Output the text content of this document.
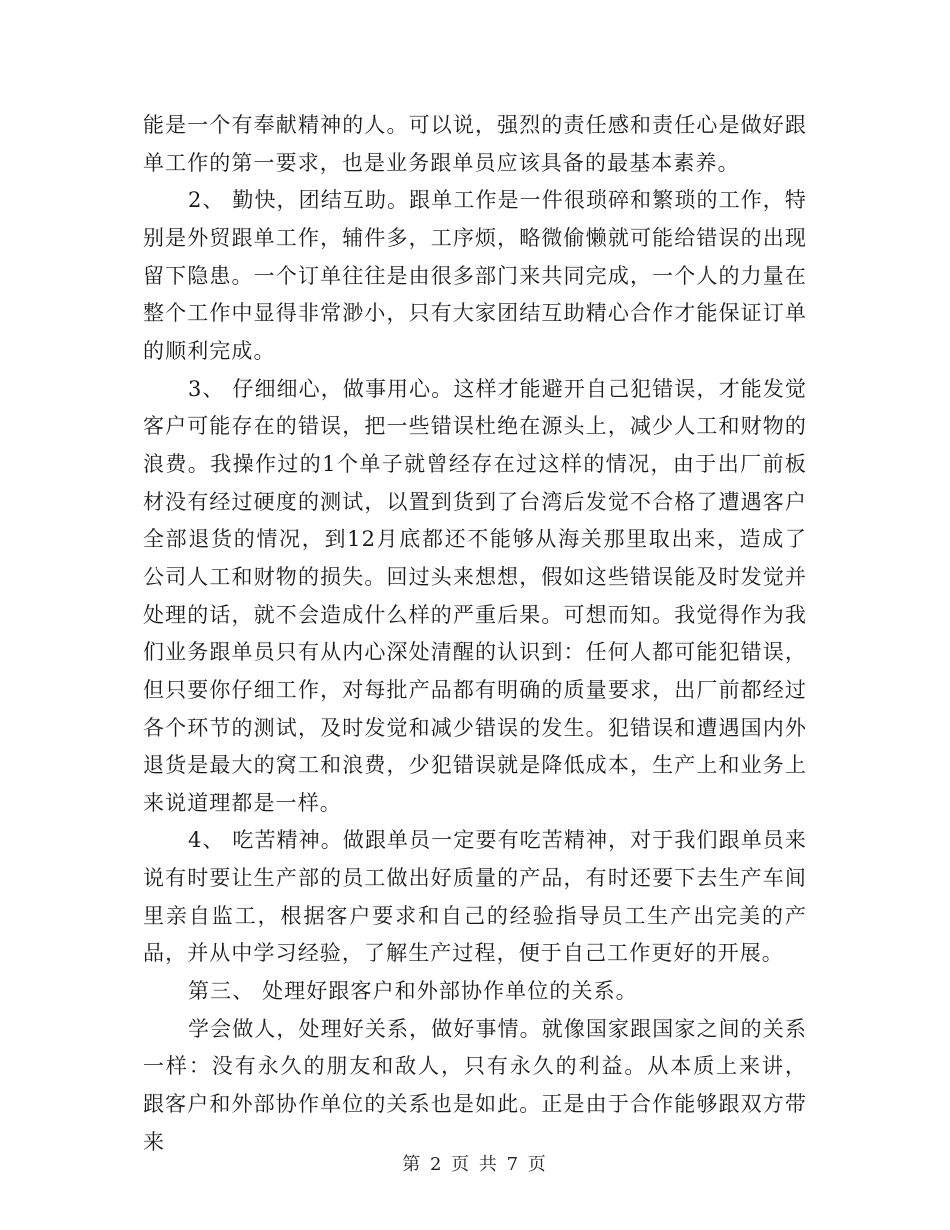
能是一个有奉献精神的人。可以说，强烈的责任感和责任心是做好跟单工作的第一要求，也是业务跟单员应该具备的最基本素养。

2、 勤快，团结互助。跟单工作是一件很琐碎和繁琐的工作，特别是外贸跟单工作，辅件多，工序烦，略微偷懒就可能给错误的出现留下隐患。一个订单往往是由很多部门来共同完成，一个人的力量在整个工作中显得非常渺小，只有大家团结互助精心合作才能保证订单的顺利完成。

3、 仔细细心，做事用心。这样才能避开自己犯错误，才能发觉客户可能存在的错误，把一些错误杜绝在源头上，减少人工和财物的浪费。我操作过的1个单子就曾经存在过这样的情况，由于出厂前板材没有经过硬度的测试，以置到货到了台湾后发觉不合格了遭遇客户全部退货的情况，到12月底都还不能够从海关那里取出来，造成了公司人工和财物的损失。回过头来想想，假如这些错误能及时发觉并处理的话，就不会造成什么样的严重后果。可想而知。我觉得作为我们业务跟单员只有从内心深处清醒的认识到：任何人都可能犯错误，但只要你仔细工作，对每批产品都有明确的质量要求，出厂前都经过各个环节的测试，及时发觉和减少错误的发生。犯错误和遭遇国内外退货是最大的窝工和浪费，少犯错误就是降低成本，生产上和业务上来说道理都是一样。

4、 吃苦精神。做跟单员一定要有吃苦精神，对于我们跟单员来说有时要让生产部的员工做出好质量的产品，有时还要下去生产车间里亲自监工，根据客户要求和自己的经验指导员工生产出完美的产品，并从中学习经验，了解生产过程，便于自己工作更好的开展。

第三、 处理好跟客户和外部协作单位的关系。

学会做人，处理好关系，做好事情。就像国家跟国家之间的关系一样：没有永久的朋友和敌人，只有永久的利益。从本质上来讲， 跟客户和外部协作单位的关系也是如此。正是由于合作能够跟双方带来

第 2 页 共 7 页
